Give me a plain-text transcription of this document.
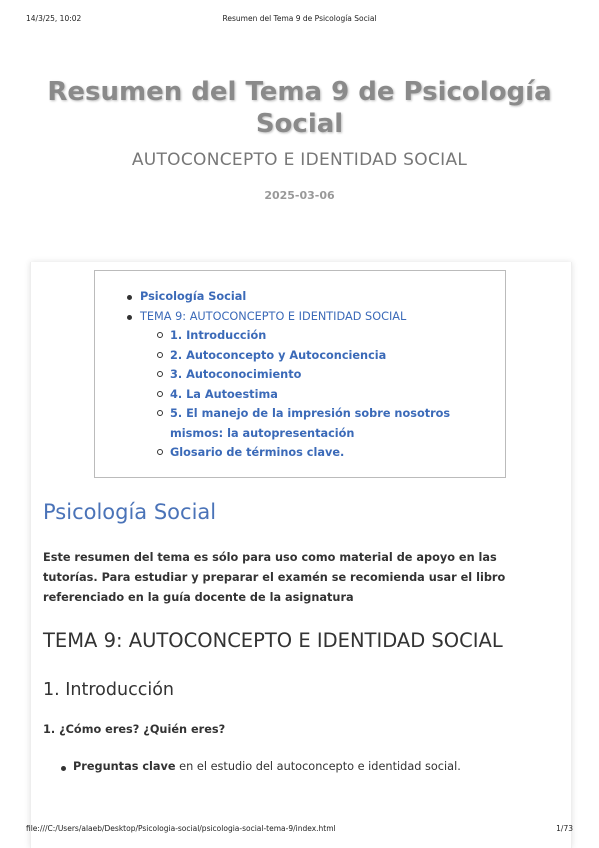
14/3/25, 10:02	Resumen del Tema 9 de Psicología Social
Resumen del Tema 9 de Psicología Social
AUTOCONCEPTO E IDENTIDAD SOCIAL
2025-03-06
Psicología Social
TEMA 9: AUTOCONCEPTO E IDENTIDAD SOCIAL
1. Introducción
2. Autoconcepto y Autoconciencia
3. Autoconocimiento
4. La Autoestima
5. El manejo de la impresión sobre nosotros mismos: la autopresentación
Glosario de términos clave.
Psicología Social

Este resumen del tema es sólo para uso como material de apoyo en las tutorías. Para estudiar y preparar el examén se recomienda usar el libro referenciado en la guía docente de la asignatura

TEMA 9: AUTOCONCEPTO E IDENTIDAD SOCIAL
1. Introducción

1. ¿Cómo eres? ¿Quién eres?

Preguntas clave en el estudio del autoconcepto e identidad social.
file:///C:/Users/alaeb/Desktop/Psicologia-social/psicologia-social-tema-9/index.html	1/73
